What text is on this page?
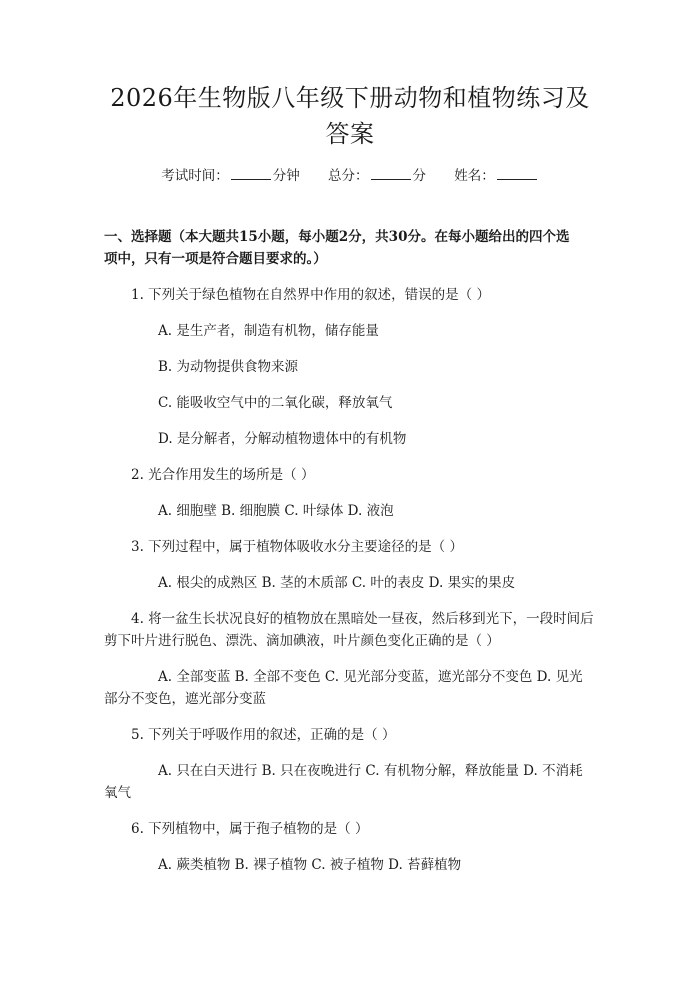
2026年生物版八年级下册动物和植物练习及
答案
考试时间：	分钟 总分：	分 姓名：
一、选择题（本大题共15小题，每小题2分，共30分。在每小题给出的四个选
项中，只有一项是符合题目要求的。）

1. 下列关于绿色植物在自然界中作用的叙述，错误的是（ ）

A. 是生产者，制造有机物，储存能量

B. 为动物提供食物来源

C. 能吸收空气中的二氧化碳，释放氧气

D. 是分解者，分解动植物遗体中的有机物

2. 光合作用发生的场所是（ ）

A. 细胞壁 B. 细胞膜 C. 叶绿体 D. 液泡

3. 下列过程中，属于植物体吸收水分主要途径的是（ ）

A. 根尖的成熟区 B. 茎的木质部 C. 叶的表皮 D. 果实的果皮

4. 将一盆生长状况良好的植物放在黑暗处一昼夜，然后移到光下，一段时间后剪下叶片进行脱色、漂洗、滴加碘液，叶片颜色变化正确的是（ ）

A. 全部变蓝 B. 全部不变色 C. 见光部分变蓝，遮光部分不变色 D. 见光部分不变色，遮光部分变蓝

5. 下列关于呼吸作用的叙述，正确的是（ ）

A. 只在白天进行 B. 只在夜晚进行 C. 有机物分解，释放能量 D. 不消耗氧气

6. 下列植物中，属于孢子植物的是（ ）

A. 蕨类植物 B. 裸子植物 C. 被子植物 D. 苔藓植物
